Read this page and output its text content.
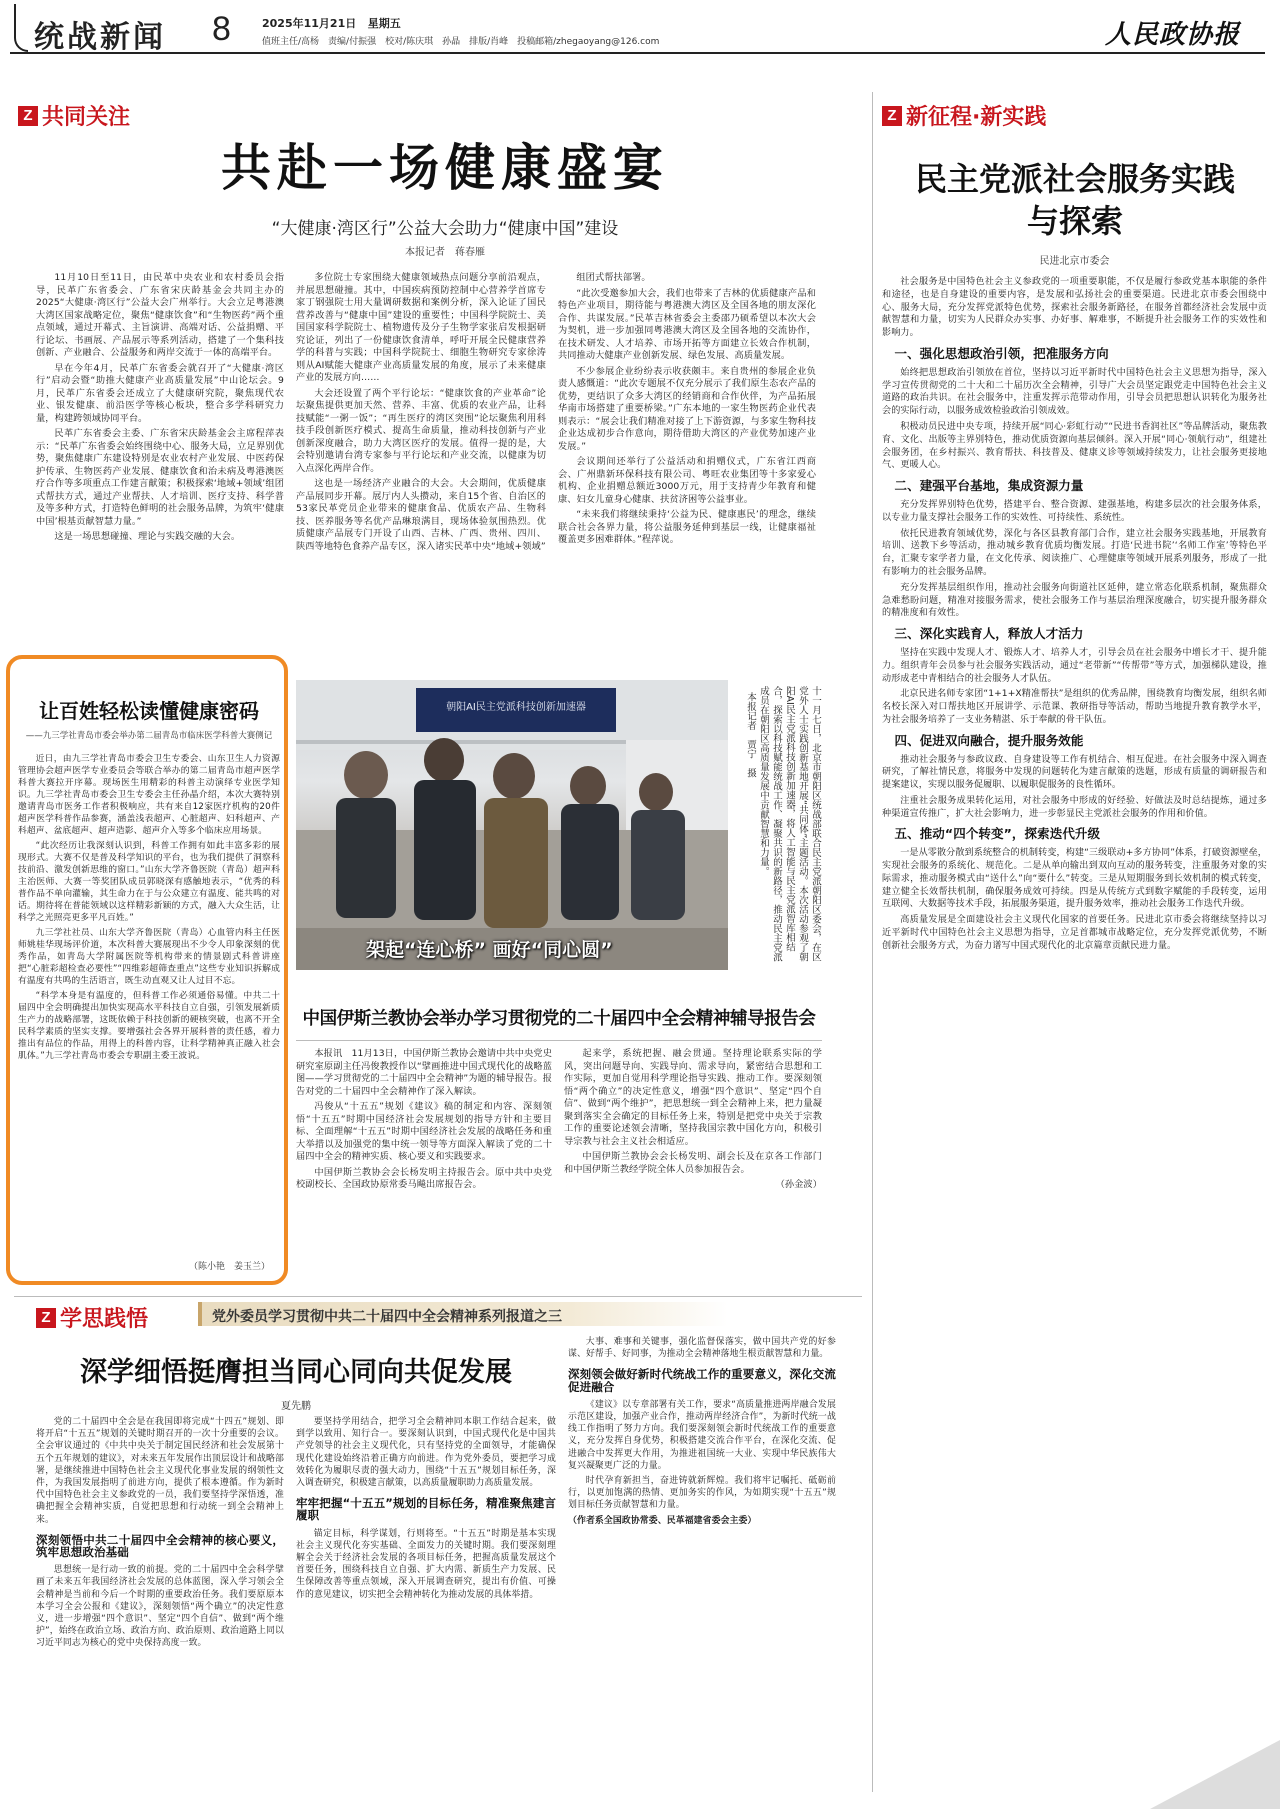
统战新闻 8	2025年11月21日 星期五
值班主任/高杨　责编/付振强　校对/陈庆琪　孙晶　排版/肖峰　投稿邮箱/zhegaoyang@126.com	人民政协报
Z 共同关注
共赴一场健康盛宴
“大健康·湾区行”公益大会助力“健康中国”建设
本报记者　蒋春雁

11月10日至11日，由民革中央农业和农村委员会指导，民革广东省委会、广东省宋庆龄基金会共同主办的2025“大健康·湾区行”公益大会广州举行。大会立足粤港澳大湾区国家战略定位，聚焦“健康饮食”和“生物医药”两个重点领域，通过开幕式、主旨演讲、高端对话、公益捐赠、平行论坛、书画展、产品展示等系列活动，搭建了一个集科技创新、产业融合、公益服务和两岸交流于一体的高端平台。

早在今年4月，民革广东省委会就召开了“大健康·湾区行”启动会暨“助推大健康产业高质量发展”中山论坛会。9月，民革广东省委会还成立了大健康研究院，聚焦现代农业、银发健康、前沿医学等核心板块，整合多学科研究力量，构建跨领域协同平台。

民革广东省委会主委、广东省宋庆龄基金会主席程萍表示：“民革广东省委会始终围绕中心、服务大局，立足界别优势，聚焦健康广东建设特别是农业农村产业发展、中医药保护传承、生物医药产业发展、健康饮食和治未病及粤港澳医疗合作等多项重点工作建言献策；积极探索‘地域+领域’组团式帮扶方式，通过产业帮扶、人才培训、医疗支持、科学普及等多种方式，打造特色鲜明的社会服务品牌，为筑牢‘健康中国’根基贡献智慧力量。”

这是一场思想碰撞、理论与实践交融的大会。

多位院士专家围绕大健康领域热点问题分享前沿观点，并展思想碰撞。其中，中国疾病预防控制中心营养学首席专家丁钢强院士用大量调研数据和案例分析，深入论证了国民营养改善与“健康中国”建设的重要性；中国科学院院士、美国国家科学院院士、植物遗传及分子生物学家张启发根据研究论证，列出了一份健康饮食清单，呼吁开展全民健康营养学的科普与实践；中国科学院院士、细胞生物研究专家徐涛则从AI赋能大健康产业高质量发展的角度，展示了未来健康产业的发展方向……

大会还设置了两个平行论坛：“健康饮食的产业革命”论坛聚焦提供更加天然、营养、丰富、优质的农业产品，让科技赋能“一粥一饭”；“再生医疗的湾区突围”论坛聚焦利用科技手段创新医疗模式、提高生命质量，推动科技创新与产业创新深度融合，助力大湾区医疗的发展。值得一提的是，大会特别邀请台湾专家参与平行论坛和产业交流，以健康为切入点深化两岸合作。

这也是一场经济产业融合的大会。大会期间，优质健康产品展同步开幕。展厅内人头攒动，来自15个省、自治区的53家民革党员企业带来的健康食品、优质农产品、生物科技、医养服务等名优产品琳琅满目，现场体验氛围热烈。优质健康产品展专门开设了山西、吉林、广西、贵州、四川、陕西等地特色食养产品专区，深入诸实民革中央“地域+领域”

组团式帮扶部署。

“此次受邀参加大会，我们也带来了吉林的优质健康产品和特色产业项目，期待能与粤港澳大湾区及全国各地的朋友深化合作、共谋发展。”民革吉林省委会主委邵乃硕希望以本次大会为契机，进一步加强同粤港澳大湾区及全国各地的交流协作，在技术研发、人才培养、市场开拓等方面建立长效合作机制，共同推动大健康产业创新发展、绿色发展、高质量发展。

不少参展企业纷纷表示收获颇丰。来自贵州的参展企业负责人感慨道：“此次专题展不仅充分展示了我们原生态农产品的优势，更结识了众多大湾区的经销商和合作伙伴，为产品拓展华南市场搭建了重要桥梁。”广东本地的一家生物医药企业代表则表示：“展会让我们精准对接了上下游资源，与多家生物科技企业达成初步合作意向，期待借助大湾区的产业优势加速产业发展。”

会议期间还举行了公益活动和捐赠仪式，广东省江西商会、广州鼎新环保科技有限公司、粤旺农业集团等十多家爱心机构、企业捐赠总额近3000万元，用于支持青少年教育和健康、妇女儿童身心健康、扶贫济困等公益事业。

“未来我们将继续秉持‘公益为民、健康惠民’的理念，继续联合社会各界力量，将公益服务延伸到基层一线，让健康福祉覆盖更多困难群体。”程萍说。

让百姓轻松读懂健康密码
——九三学社青岛市委会举办第二届青岛市临床医学科普大赛侧记

近日，由九三学社青岛市委会卫生专委会、山东卫生人力资源管理协会超声医学专业委员会等联合举办的第二届青岛市超声医学科普大赛拉开序幕。现场医生用精彩的科普主动演绎专业医学知识。九三学社青岛市委会卫生专委会主任孙晶介绍，本次大赛特别邀请青岛市医务工作者积极响应，共有来自12家医疗机构的20件超声医学科普作品参赛，涵盖浅表超声、心脏超声、妇科超声、产科超声、盆底超声、超声造影、超声介入等多个临床应用场景。

“此次经历让我深刻认识到，科普工作拥有如此丰富多彩的展现形式。大赛不仅是普及科学知识的平台，也为我们提供了洞察科技前沿、激发创新思维的窗口。”山东大学齐鲁医院（青岛）超声科主治医师、大赛一等奖团队成员郭晓深有感触地表示，“优秀的科普作品不单向灌输，其生命力在于与公众建立有温度、能共鸣的对话。期待将在普能领域以这样精彩新颖的方式，融入大众生活，让科学之光照亮更多平凡百姓。”

九三学社社员、山东大学齐鲁医院（青岛）心血管内科主任医师姚桂华现场评价道，本次科普大赛展现出不少令人印象深刻的优秀作品，如青岛大学附属医院等机构带来的情景剧式科普讲座把“心脏彩超检查必要性”“四维彩超筛查重点”这些专业知识拆解成有温度有共鸣的生活语言，既生动直观又让人过目不忘。

“科学本身是有温度的，但科普工作必须通俗易懂。中共二十届四中全会明确提出加快实现高水平科技自立自强，引领发展新质生产力的战略部署，这既依赖于科技创新的硬核突破，也离不开全民科学素质的坚实支撑。要增强社会各界开展科普的责任感，着力推出有品位的作品，用得上的科普内容，让科学精神真正融入社会肌体。”九三学社青岛市委会专职副主委王波说。

（陈小艳　姜玉兰）
朝阳AI民主党派科技创新加速器
架起“连心桥” 画好“同心圆”	十一月七日，北京市朝阳区统战部联合民主党派朝阳区委会，在区党外人士实践创新基地开展“共同体”主题活动。本次活动参观了朝阳AI民主党派科技创新加速器，将人工智能与民主党派智库相结合，探索以科技赋能统战工作、凝聚共识的新路径，推动民主党派成员在朝阳区高质量发展中贡献智慧和力量。
本报记者　贾宁　摄
中国伊斯兰教协会举办学习贯彻党的二十届四中全会精神辅导报告会

本报讯　11月13日，中国伊斯兰教协会邀请中共中央党史研究室原副主任冯俊教授作以“擘画推进中国式现代化的战略蓝图——学习贯彻党的二十届四中全会精神”为题的辅导报告。报告对党的二十届四中全会精神作了深入解读。

冯俊从“十五五”规划《建议》稿的制定和内容、深刻领悟“十五五”时期中国经济社会发展规划的指导方针和主要目标、全面理解“十五五”时期中国经济社会发展的战略任务和重大举措以及加强党的集中统一领导等方面深入解读了党的二十届四中全会的精神实质、核心要义和实践要求。

中国伊斯兰教协会会长杨发明主持报告会。原中共中央党校副校长、全国政协原常委马飚出席报告会。

起来学，系统把握、融会贯通。坚持理论联系实际的学风，突出问题导向、实践导向、需求导向，紧密结合思想和工作实际，更加自觉用科学理论指导实践、推动工作。要深刻领悟“两个确立”的决定性意义，增强“四个意识”、坚定“四个自信”、做到“两个维护”，把思想统一到全会精神上来，把力量凝聚到落实全会确定的目标任务上来，特别是把党中央关于宗教工作的重要论述领会清晰，坚持我国宗教中国化方向，积极引导宗教与社会主义社会相适应。

中国伊斯兰教协会会长杨发明、副会长及在京各工作部门和中国伊斯兰教经学院全体人员参加报告会。

（孙金波）

Z 新征程·新实践
民主党派社会服务实践与探索
民进北京市委会

社会服务是中国特色社会主义参政党的一项重要职能，不仅是履行参政党基本职能的条件和途径，也是自身建设的重要内容，是发展和弘扬社会的重要渠道。民进北京市委会围绕中心、服务大局，充分发挥党派特色优势，探索社会服务新路径，在服务首都经济社会发展中贡献智慧和力量，切实为人民群众办实事、办好事、解难事，不断提升社会服务工作的实效性和影响力。

一、强化思想政治引领，把准服务方向

始终把思想政治引领放在首位，坚持以习近平新时代中国特色社会主义思想为指导，深入学习宣传贯彻党的二十大和二十届历次全会精神，引导广大会员坚定跟党走中国特色社会主义道路的政治共识。在社会服务中，注重发挥示范带动作用，引导会员把思想认识转化为服务社会的实际行动，以服务成效检验政治引领成效。

积极动员民进中央专项，持续开展“同心·彩虹行动”“民进书香润社区”等品牌活动，聚焦教育、文化、出版等主界别特色，推动优质资源向基层倾斜。深入开展“同心·领航行动”，组建社会服务团，在乡村振兴、教育帮扶、科技普及、健康义诊等领域持续发力，让社会服务更接地气、更暖人心。

二、建强平台基地，集成资源力量

充分发挥界别特色优势，搭建平台、整合资源、建强基地，构建多层次的社会服务体系，以专业力量支撑社会服务工作的实效性、可持续性、系统性。

依托民进教育领域优势，深化与各区县教育部门合作，建立社会服务实践基地，开展教育培训、送教下乡等活动，推动城乡教育优质均衡发展。打造‘民进书院’‘名师工作室’等特色平台，汇聚专家学者力量，在文化传承、阅读推广、心理健康等领域开展系列服务，形成了一批有影响力的社会服务品牌。

充分发挥基层组织作用，推动社会服务向街道社区延伸，建立常态化联系机制，聚焦群众急难愁盼问题，精准对接服务需求，使社会服务工作与基层治理深度融合，切实提升服务群众的精准度和有效性。

三、深化实践育人，释放人才活力

坚持在实践中发现人才、锻炼人才、培养人才，引导会员在社会服务中增长才干、提升能力。组织青年会员参与社会服务实践活动，通过“老带新”“传帮带”等方式，加强梯队建设，推动形成老中青相结合的社会服务人才队伍。

北京民进名师专家团“1+1+X精准帮扶”是组织的优秀品牌，围绕教育均衡发展，组织名师名校长深入对口帮扶地区开展讲学、示范课、教研指导等活动，帮助当地提升教育教学水平，为社会服务培养了一支业务精湛、乐于奉献的骨干队伍。

四、促进双向融合，提升服务效能

推动社会服务与参政议政、自身建设等工作有机结合、相互促进。在社会服务中深入调查研究，了解社情民意，将服务中发现的问题转化为建言献策的选题，形成有质量的调研报告和提案建议，实现以服务促履职、以履职促服务的良性循环。

注重社会服务成果转化运用，对社会服务中形成的好经验、好做法及时总结提炼，通过多种渠道宣传推广，扩大社会影响力，进一步彰显民主党派社会服务的作用和价值。

五、推动“四个转变”，探索迭代升级

一是从零散分散到系统整合的机制转变，构建“三级联动+多方协同”体系，打破资源壁垒，实现社会服务的系统化、规范化。二是从单向输出到双向互动的服务转变，注重服务对象的实际需求，推动服务模式由“送什么”向“要什么”转变。三是从短期服务到长效机制的模式转变，建立健全长效帮扶机制，确保服务成效可持续。四是从传统方式到数字赋能的手段转变，运用互联网、大数据等技术手段，拓展服务渠道，提升服务效率，推动社会服务工作迭代升级。

高质量发展是全面建设社会主义现代化国家的首要任务。民进北京市委会将继续坚持以习近平新时代中国特色社会主义思想为指导，立足首都城市战略定位，充分发挥党派优势，不断创新社会服务方式，为奋力谱写中国式现代化的北京篇章贡献民进力量。

Z 学思践悟	党外委员学习贯彻中共二十届四中全会精神系列报道之三
深学细悟挺膺担当同心同向共促发展
夏先鹏

党的二十届四中全会是在我国即将完成“十四五”规划、即将开启“十五五”规划的关键时期召开的一次十分重要的会议。全会审议通过的《中共中央关于制定国民经济和社会发展第十五个五年规划的建议》，对未来五年发展作出顶层设计和战略部署，是继续推进中国特色社会主义现代化事业发展的纲领性文件，为我国发展指明了前进方向，提供了根本遵循。作为新时代中国特色社会主义参政党的一员，我们要坚持学深悟透，准确把握全会精神实质，自觉把思想和行动统一到全会精神上来。

深刻领悟中共二十届四中全会精神的核心要义，筑牢思想政治基础

思想统一是行动一致的前提。党的二十届四中全会科学擘画了未来五年我国经济社会发展的总体蓝图，深入学习领会全会精神是当前和今后一个时期的重要政治任务。我们要原原本本学习全会公报和《建议》，深刻领悟“两个确立”的决定性意义，进一步增强“四个意识”、坚定“四个自信”、做到“两个维护”，始终在政治立场、政治方向、政治原则、政治道路上同以习近平同志为核心的党中央保持高度一致。

要坚持学用结合，把学习全会精神同本职工作结合起来，做到学以致用、知行合一。要深刻认识到，中国式现代化是中国共产党领导的社会主义现代化，只有坚持党的全面领导，才能确保现代化建设始终沿着正确方向前进。作为党外委员，要把学习成效转化为履职尽责的强大动力，围绕“十五五”规划目标任务，深入调查研究，积极建言献策，以高质量履职助力高质量发展。

牢牢把握“十五五”规划的目标任务，精准聚焦建言履职

锚定目标，科学谋划，行则将至。“十五五”时期是基本实现社会主义现代化夯实基础、全面发力的关键时期。我们要深刻理解全会关于经济社会发展的各项目标任务，把握高质量发展这个首要任务，围绕科技自立自强、扩大内需、新质生产力发展、民生保障改善等重点领域，深入开展调查研究，提出有价值、可操作的意见建议，切实把全会精神转化为推动发展的具体举措。

大事、难事和关键事，强化监督保落实，做中国共产党的好参谋、好帮手、好同事，为推动全会精神落地生根贡献智慧和力量。

深刻领会做好新时代统战工作的重要意义，深化交流促进融合

《建议》以专章部署有关工作，要求“高质量推进两岸融合发展示范区建设，加强产业合作，推动两岸经济合作”，为新时代统一战线工作指明了努力方向。我们要深刻领会新时代统战工作的重要意义，充分发挥自身优势，积极搭建交流合作平台，在深化交流、促进融合中发挥更大作用，为推进祖国统一大业、实现中华民族伟大复兴凝聚更广泛的力量。

时代孕育新担当，奋进铸就新辉煌。我们将牢记嘱托、砥砺前行，以更加饱满的热情、更加务实的作风，为如期实现“十五五”规划目标任务贡献智慧和力量。

（作者系全国政协常委、民革福建省委会主委）
